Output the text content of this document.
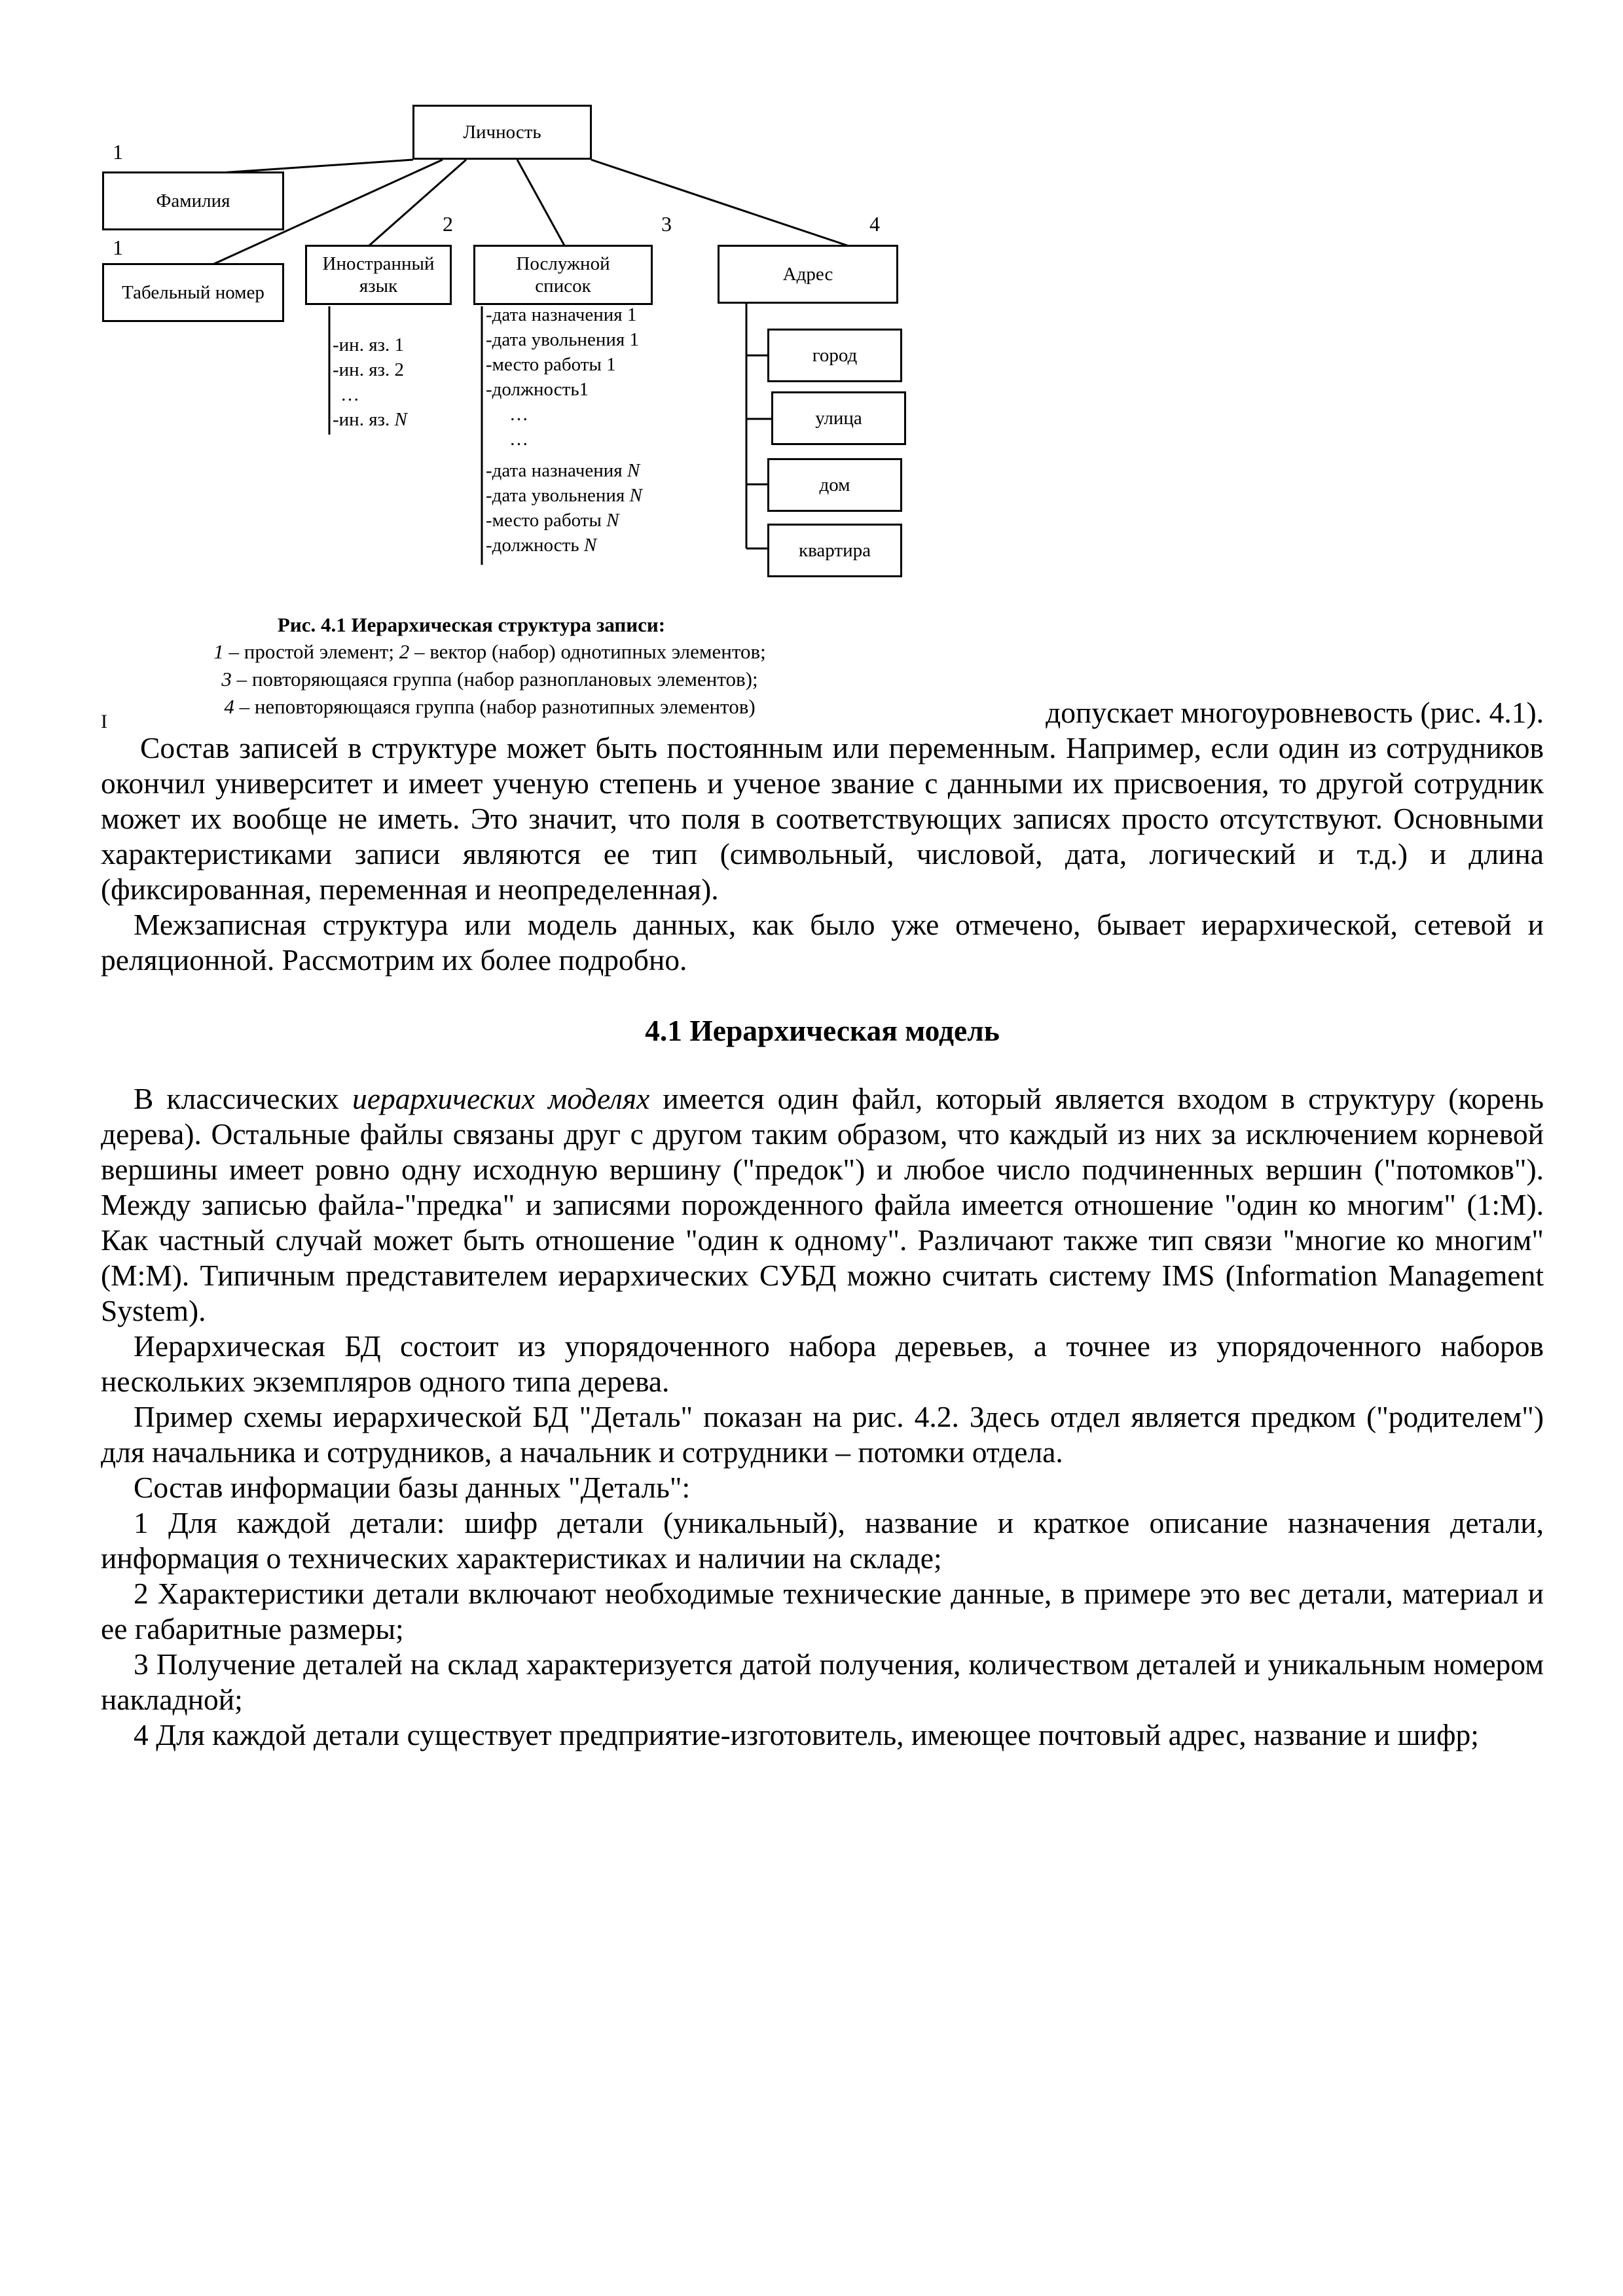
Личность
1
Фамилия
1
Табельный номер
2
Иностранный
язык
-ин. яз. 1
-ин. яз. 2
…
-ин. яз. N
3
Послужной
список
-дата назначения 1
-дата увольнения 1
-место работы 1
-должность1
…
…
-дата назначения N
-дата увольнения N
-место работы N
-должность N
4
Адрес
город
улица
дом
квартира
Рис. 4.1 Иерархическая структура записи:
1 – простой элемент; 2 – вектор (набор) однотипных элементов;
3 – повторяющаяся группа (набор разноплановых элементов);
4 – неповторяющаяся группа (набор разнотипных элементов)

I	допускает многоуровневость (рис. 4.1).

Состав записей в структуре может быть постоянным или переменным. Например, если один из сотрудников окончил университет и имеет ученую степень и ученое звание с данными их присвоения, то другой сотрудник может их вообще не иметь. Это значит, что поля в соответствующих записях просто отсутствуют. Основными характеристиками записи являются ее тип (символьный, числовой, дата, логический и т.д.) и длина (фиксированная, переменная и неопределенная).

Межзаписная структура или модель данных, как было уже отмечено, бывает иерархической, сетевой и реляционной. Рассмотрим их более подробно.

4.1 Иерархическая модель

В классических иерархических моделях имеется один файл, который является входом в структуру (корень дерева). Остальные файлы связаны друг с другом таким образом, что каждый из них за исключением корневой вершины имеет ровно одну исходную вершину ("предок") и любое число подчиненных вершин ("потомков"). Между записью файла-"предка" и записями порожденного файла имеется отношение "один ко многим" (1:М). Как частный случай может быть отношение "один к одному". Различают также тип связи "многие ко многим" (М:М). Типичным представителем иерархических СУБД можно считать систему IMS (Information Management System).

Иерархическая БД состоит из упорядоченного набора деревьев, а точнее из упорядоченного наборов нескольких экземпляров одного типа дерева.

Пример схемы иерархической БД "Деталь" показан на рис. 4.2. Здесь отдел является предком ("родителем") для начальника и сотрудников, а начальник и сотрудники – потомки отдела.

Состав информации базы данных "Деталь":

1 Для каждой детали: шифр детали (уникальный), название и краткое описание назначения детали, информация о технических характеристиках и наличии на складе;

2 Характеристики детали включают необходимые технические данные, в примере это вес детали, материал и ее габаритные размеры;

3 Получение деталей на склад характеризуется датой получения, количеством деталей и уникальным номером накладной;

4 Для каждой детали существует предприятие-изготовитель, имеющее почтовый адрес, название и шифр;
